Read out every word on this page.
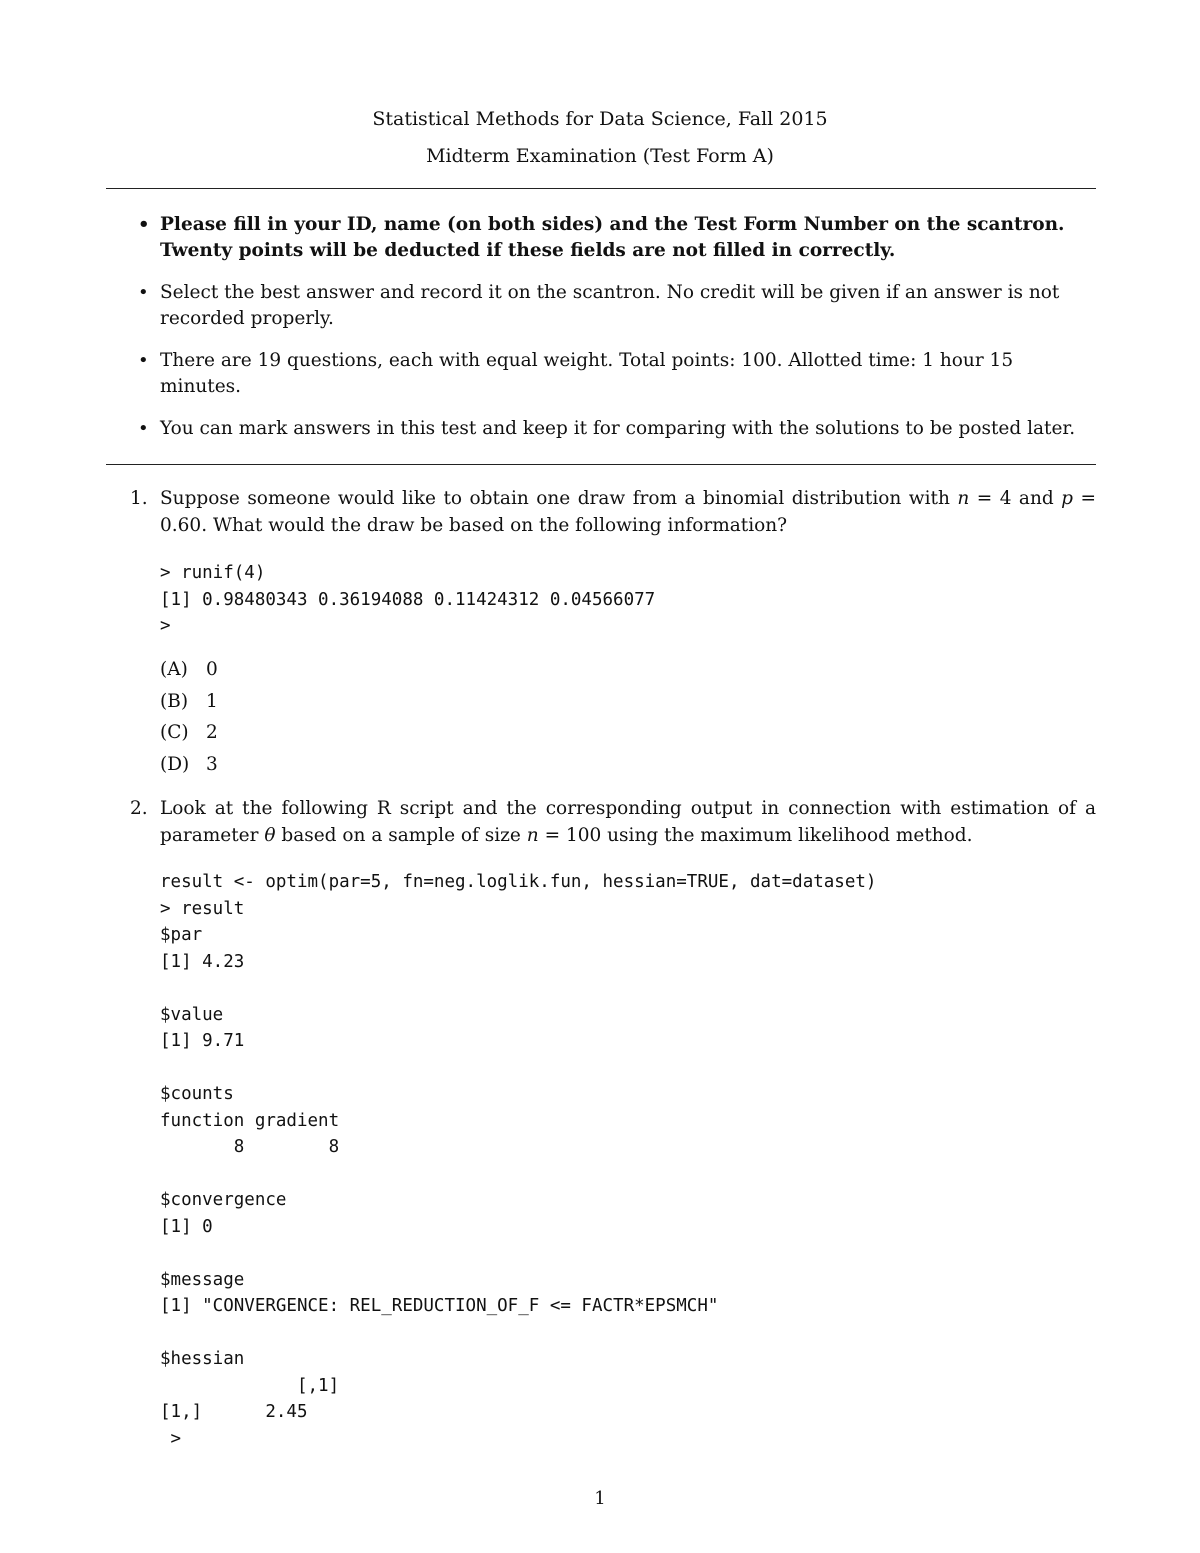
Statistical Methods for Data Science, Fall 2015
Midterm Examination (Test Form A)
• Please fill in your ID, name (on both sides) and the Test Form Number on the scantron. Twenty points will be deducted if these fields are not filled in correctly.
• Select the best answer and record it on the scantron. No credit will be given if an answer is not recorded properly.
• There are 19 questions, each with equal weight. Total points: 100. Allotted time: 1 hour 15 minutes.
• You can mark answers in this test and keep it for comparing with the solutions to be posted later.
1. Suppose someone would like to obtain one draw from a binomial distribution with n = 4 and p = 0.60. What would the draw be based on the following information?
> runif(4)
[1] 0.98480343 0.36194088 0.11424312 0.04566077
>
(A) 0
(B) 1
(C) 2
(D) 3
2. Look at the following R script and the corresponding output in connection with estimation of a parameter θ based on a sample of size n = 100 using the maximum likelihood method.
result <- optim(par=5, fn=neg.loglik.fun, hessian=TRUE, dat=dataset)
> result
$par
[1] 4.23

$value
[1] 9.71

$counts
function gradient
8        8

$convergence
[1] 0

$message
[1] "CONVERGENCE: REL_REDUCTION_OF_F <= FACTR*EPSMCH"

$hessian
[,1]
[1,]      2.45
>
1
